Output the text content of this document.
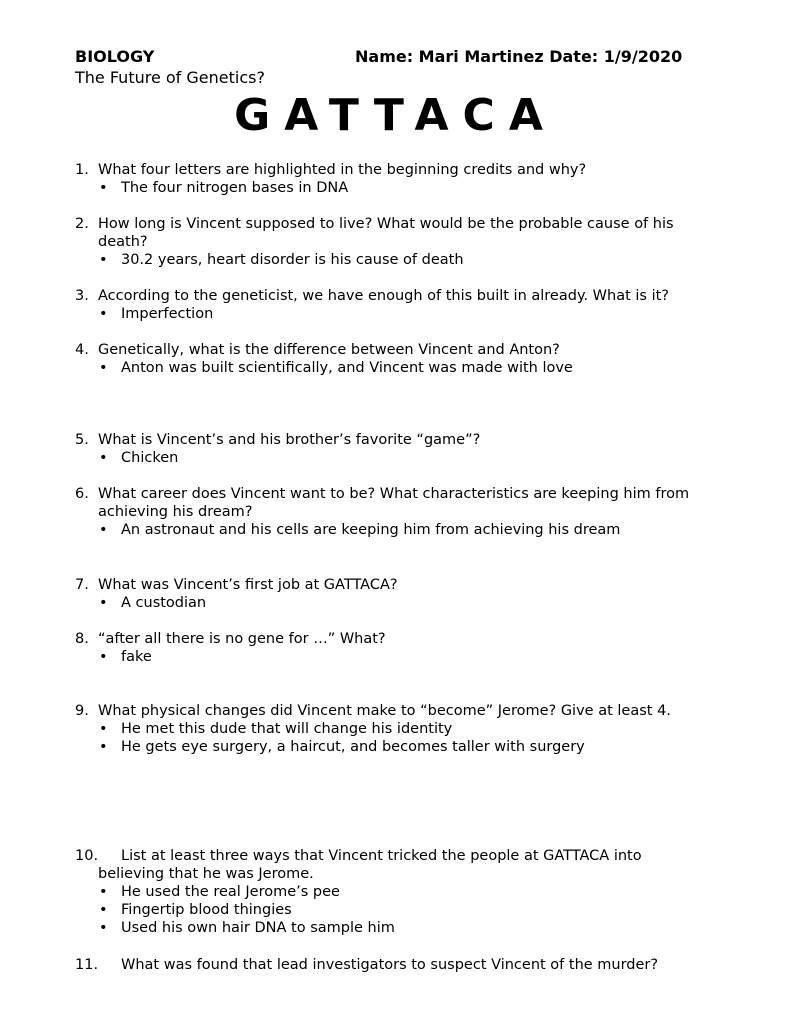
BIOLOGY	Name: Mari Martinez Date: 1/9/2020
The Future of Genetics?
GATTACA
1. What four letters are highlighted in the beginning credits and why?
• The four nitrogen bases in DNA
2. How long is Vincent supposed to live? What would be the probable cause of his
death?
• 30.2 years, heart disorder is his cause of death
3. According to the geneticist, we have enough of this built in already. What is it?
• Imperfection
4. Genetically, what is the difference between Vincent and Anton?
• Anton was built scientifically, and Vincent was made with love
5. What is Vincent’s and his brother’s favorite “game”?
• Chicken
6. What career does Vincent want to be? What characteristics are keeping him from
achieving his dream?
• An astronaut and his cells are keeping him from achieving his dream
7. What was Vincent’s first job at GATTACA?
• A custodian
8. “after all there is no gene for …” What?
• fake
9. What physical changes did Vincent make to “become” Jerome? Give at least 4.
• He met this dude that will change his identity
• He gets eye surgery, a haircut, and becomes taller with surgery
10.	List at least three ways that Vincent tricked the people at GATTACA into
believing that he was Jerome.
• He used the real Jerome’s pee
• Fingertip blood thingies
• Used his own hair DNA to sample him
11.	What was found that lead investigators to suspect Vincent of the murder?
